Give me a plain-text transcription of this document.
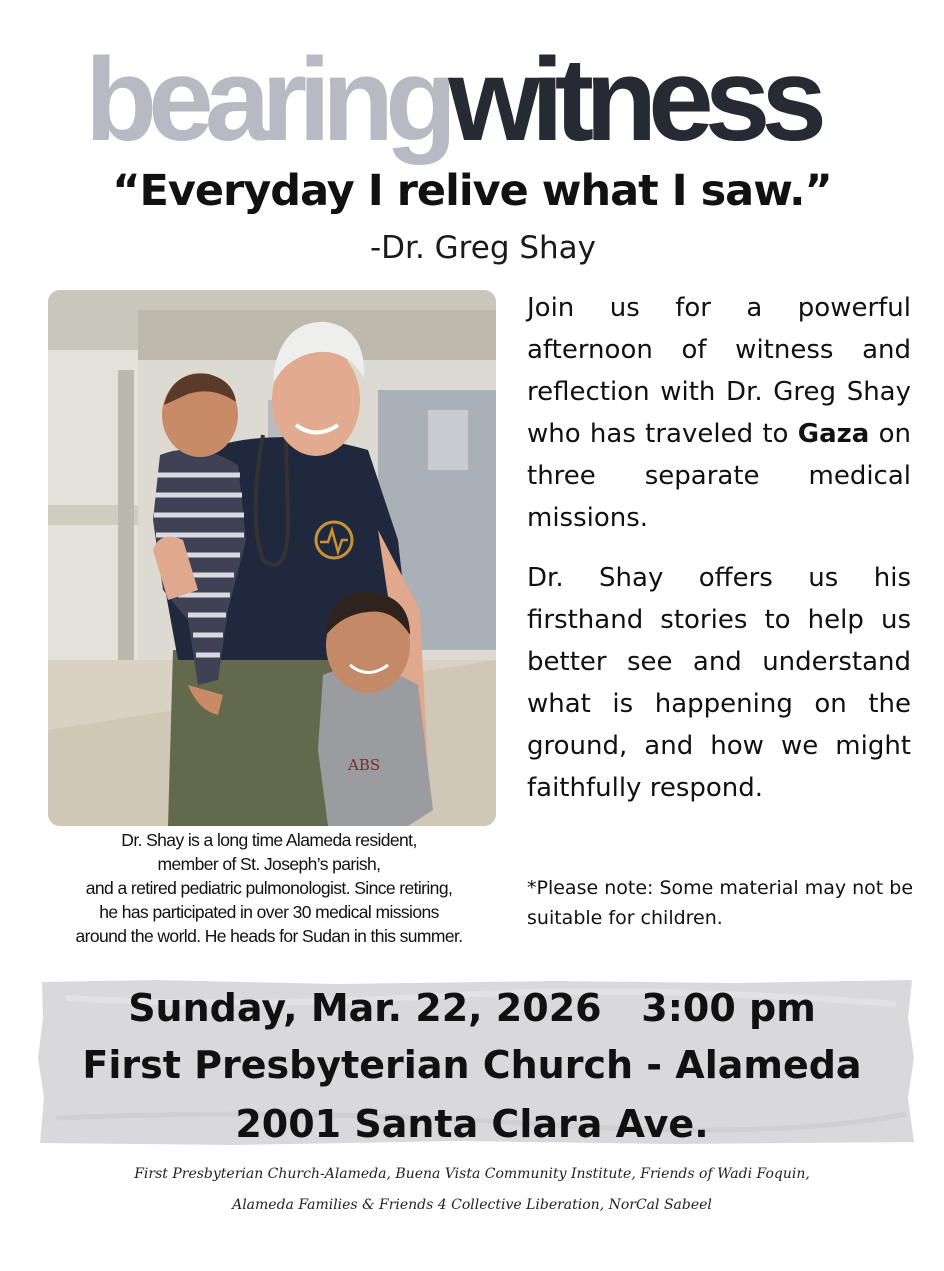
bearingwitness
“Everyday I relive what I saw.”
-Dr. Greg Shay
ABS
Dr. Shay is a long time Alameda resident,
member of St. Joseph’s parish,
and a retired pediatric pulmonologist. Since retiring,
he has participated in over 30 medical missions
around the world. He heads for Sudan in this summer.
Join us for a powerful afternoon of witness and reflection with Dr. Greg Shay who has traveled to Gaza on three separate medical missions.
Dr. Shay offers us his firsthand stories to help us better see and understand what is happening on the ground, and how we might faithfully respond.
*Please note: Some material may not be suitable for children.
Sunday, Mar. 22, 2026   3:00 pm
First Presbyterian Church - Alameda
2001 Santa Clara Ave.
First Presbyterian Church-Alameda, Buena Vista Community Institute, Friends of Wadi Foquin,
Alameda Families & Friends 4 Collective Liberation, NorCal Sabeel
